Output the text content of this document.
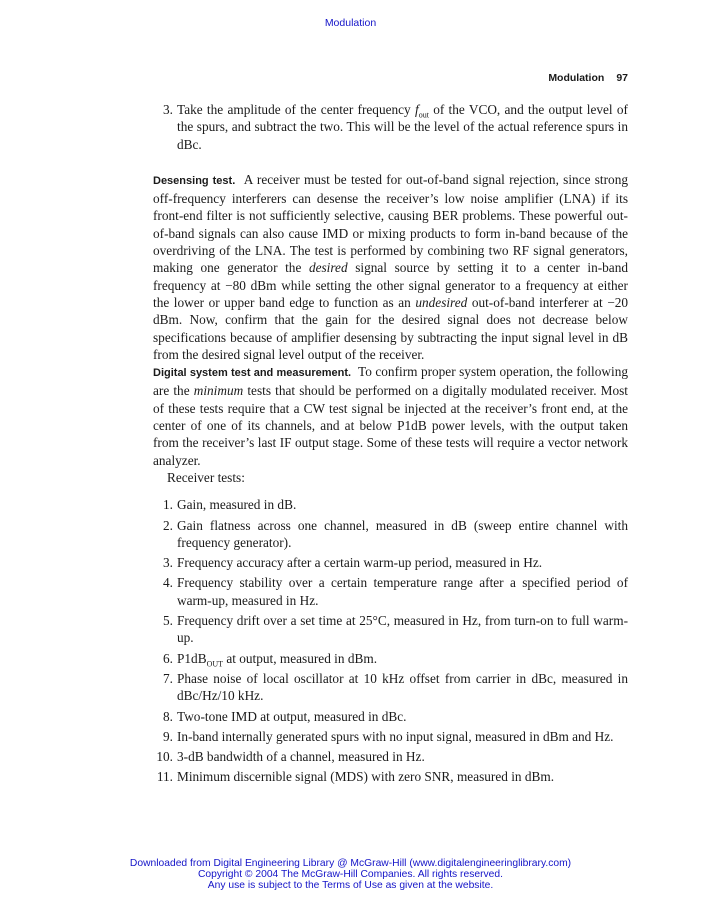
Modulation
Modulation 97
3 . Take the amplitude of the center frequency $f_{out}$ of the VCO, and the output level of the spurs, and subtract the two. This will be the level of the actual reference spurs in dBc.

Desensing test. A receiver must be tested for out-of-band signal rejection, since strong off-frequency interferers can desense the receiver’s low noise amplifier (LNA) if its front-end filter is not sufficiently selective, causing BER problems. These powerful out-of-band signals can also cause IMD or mixing products to form in-band because of the overdriving of the LNA. The test is performed by combining two RF signal generators, making one generator the desired signal source by setting it to a center in-band frequency at −80 dBm while setting the other signal generator to a frequency at either the lower or upper band edge to function as an undesired out-of-band interferer at −20 dBm. Now, confirm that the gain for the desired signal does not decrease below specifications because of amplifier desensing by subtracting the input signal level in dB from the desired signal level output of the receiver.

Digital system test and measurement. To confirm proper system operation, the following are the minimum tests that should be performed on a digitally modulated receiver. Most of these tests require that a CW test signal be injected at the receiver’s front end, at the center of one of its channels, and at below P1dB power levels, with the output taken from the receiver’s last IF output stage. Some of these tests will require a vector network analyzer.

Receiver tests:

1 . Gain, measured in dB.
2 . Gain flatness across one channel, measured in dB (sweep entire channel with frequency generator).
3 . Frequency accuracy after a certain warm-up period, measured in Hz.
4 . Frequency stability over a certain temperature range after a specified period of warm-up, measured in Hz.
5 . Frequency drift over a set time at 25°C, measured in Hz, from turn-on to full warm-up.
6 . $P1dB_{OUT}$ at output, measured in dBm.
7 . Phase noise of local oscillator at 10 kHz offset from carrier in dBc, measured in dBc/Hz/10 kHz.
8 . Two-tone IMD at output, measured in dBc.
9 . In-band internally generated spurs with no input signal, measured in dBm and Hz.
10 . 3-dB bandwidth of a channel, measured in Hz.
11 . Minimum discernible signal (MDS) with zero SNR, measured in dBm.
Downloaded from Digital Engineering Library @ McGraw-Hill (www.digitalengineeringlibrary.com)
Copyright © 2004 The McGraw-Hill Companies. All rights reserved.
Any use is subject to the Terms of Use as given at the website.
